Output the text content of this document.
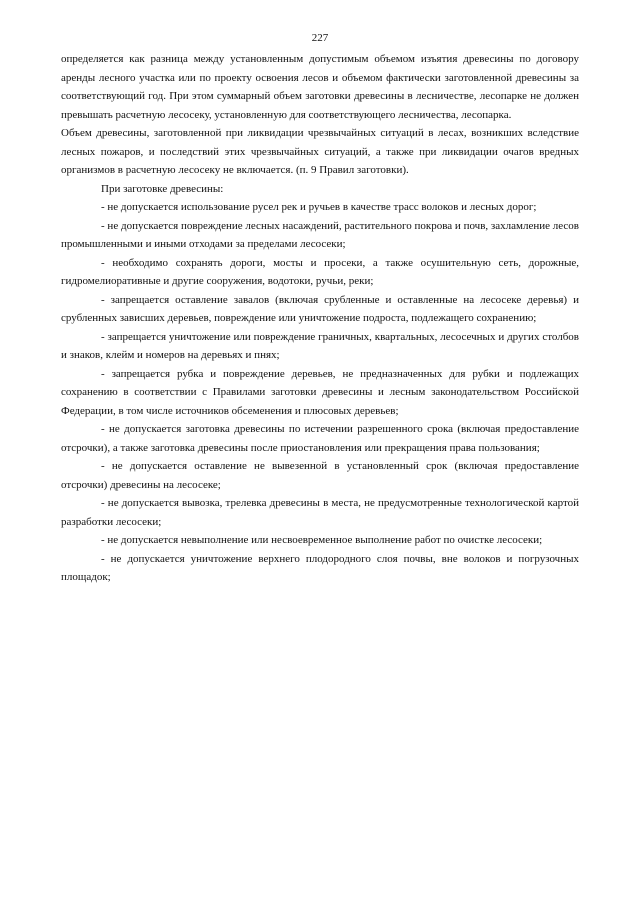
227

определяется как разница между установленным допустимым объемом изъятия древесины по договору аренды лесного участка или по проекту освоения лесов и объемом фактически заготовленной древесины за соответствующий год. При этом суммарный объем заготовки древесины в лесничестве, лесопарке не должен превышать расчетную лесосеку, установленную для соответствующего лесничества, лесопарка.

Объем древесины, заготовленной при ликвидации чрезвычайных ситуаций в лесах, возникших вследствие лесных пожаров, и последствий этих чрезвычайных ситуаций, а также при ликвидации очагов вредных организмов в расчетную лесосеку не включается. (п. 9 Правил заготовки).

При заготовке древесины:

- не допускается использование русел рек и ручьев в качестве трасс волоков и лесных дорог;

- не допускается повреждение лесных насаждений, растительного покрова и почв, захламление лесов промышленными и иными отходами за пределами лесосеки;

- необходимо сохранять дороги, мосты и просеки, а также осушительную сеть, дорожные, гидромелиоративные и другие сооружения, водотоки, ручьи, реки;

- запрещается оставление завалов (включая срубленные и оставленные на лесосеке деревья) и срубленных зависших деревьев, повреждение или уничтожение подроста, подлежащего сохранению;

- запрещается уничтожение или повреждение граничных, квартальных, лесосечных и других столбов и знаков, клейм и номеров на деревьях и пнях;

- запрещается рубка и повреждение деревьев, не предназначенных для рубки и подлежащих сохранению в соответствии с Правилами заготовки древесины и лесным законодательством Российской Федерации, в том числе источников обсеменения и плюсовых деревьев;

- не допускается заготовка древесины по истечении разрешенного срока (включая предоставление отсрочки), а также заготовка древесины после приостановления или прекращения права пользования;

- не допускается оставление не вывезенной в установленный срок (включая предоставление отсрочки) древесины на лесосеке;

- не допускается вывозка, трелевка древесины в места, не предусмотренные технологической картой разработки лесосеки;

- не допускается невыполнение или несвоевременное выполнение работ по очистке лесосеки;

- не допускается уничтожение верхнего плодородного слоя почвы, вне волоков и погрузочных площадок;
